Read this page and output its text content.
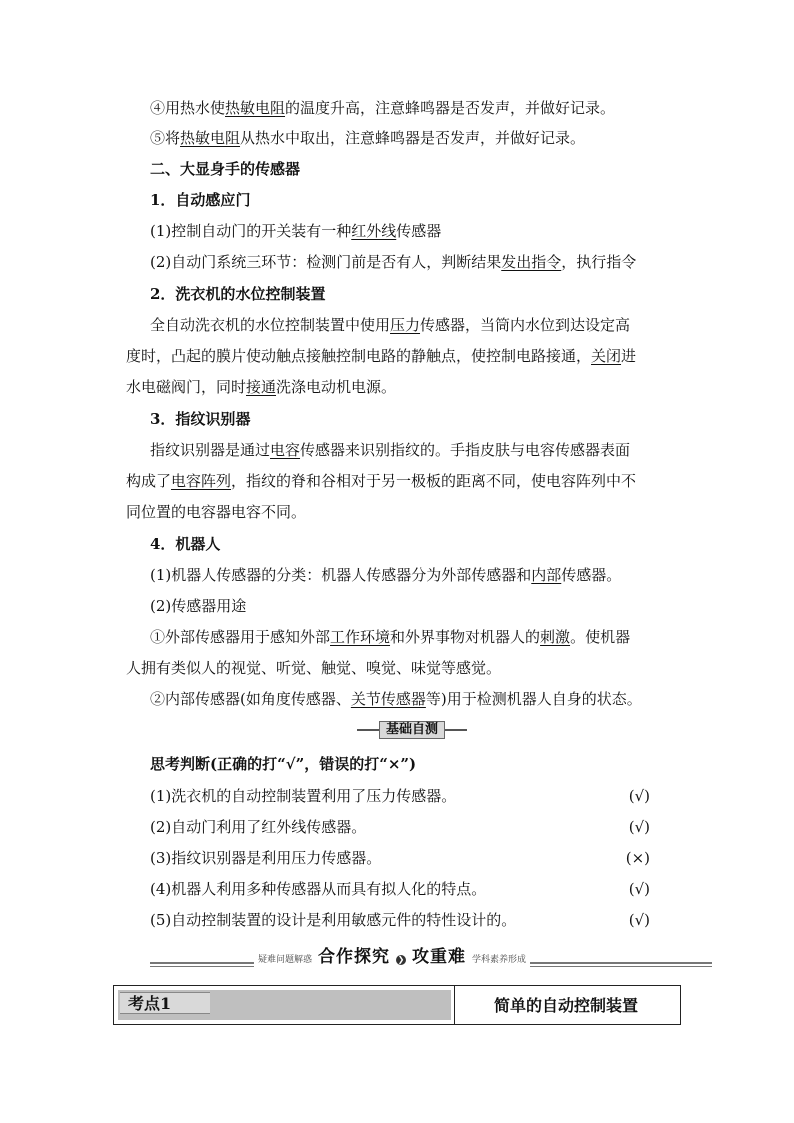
④用热水使热敏电阻的温度升高，注意蜂鸣器是否发声，并做好记录。
⑤将热敏电阻从热水中取出，注意蜂鸣器是否发声，并做好记录。
二、大显身手的传感器
1．自动感应门
(1)控制自动门的开关装有一种红外线传感器
(2)自动门系统三环节：检测门前是否有人，判断结果发出指令，执行指令
2．洗衣机的水位控制装置
全自动洗衣机的水位控制装置中使用压力传感器，当筒内水位到达设定高
度时，凸起的膜片使动触点接触控制电路的静触点，使控制电路接通，关闭进
水电磁阀门，同时接通洗涤电动机电源。
3．指纹识别器
指纹识别器是通过电容传感器来识别指纹的。手指皮肤与电容传感器表面
构成了电容阵列，指纹的脊和谷相对于另一极板的距离不同，使电容阵列中不
同位置的电容器电容不同。
4．机器人
(1)机器人传感器的分类：机器人传感器分为外部传感器和内部传感器。
(2)传感器用途
①外部传感器用于感知外部工作环境和外界事物对机器人的刺激。使机器
人拥有类似人的视觉、听觉、触觉、嗅觉、味觉等感觉。
②内部传感器(如角度传感器、关节传感器等)用于检测机器人自身的状态。
基础自测
思考判断(正确的打“√”，错误的打“×”)
(1)洗衣机的自动控制装置利用了压力传感器。	(√)
(2)自动门利用了红外线传感器。	(√)
(3)指纹识别器是利用压力传感器。	(×)
(4)机器人利用多种传感器从而具有拟人化的特点。	(√)
(5)自动控制装置的设计是利用敏感元件的特性设计的。	(√)
疑难问题解惑 合作探究 ❯ 攻重难 学科素养形成
考点1	简单的自动控制装置
